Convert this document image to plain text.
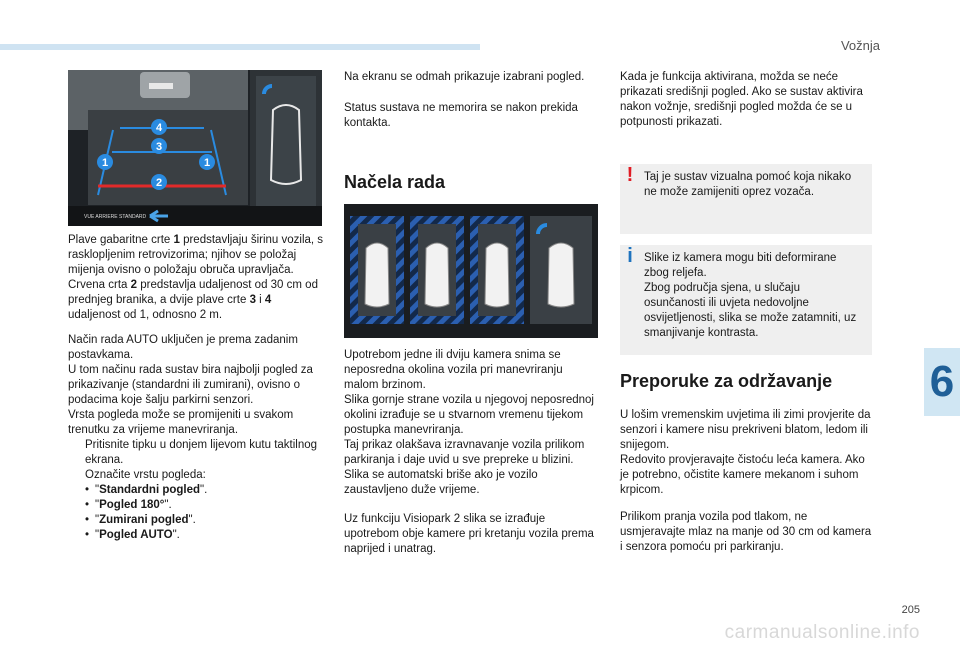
Vožnja
6
VUE ARRIERE STANDARD
1	1
2
3
4

Plave gabaritne crte 1 predstavljaju širinu vozila, s rasklopljenim retrovizorima; njihov se položaj mijenja ovisno o položaju obruča upravljača.
Crvena crta 2 predstavlja udaljenost od 30 cm od prednjeg branika, a dvije plave crte 3 i 4 udaljenost od 1, odnosno 2 m.

Način rada AUTO uključen je prema zadanim postavkama.
U tom načinu rada sustav bira najbolji pogled za prikazivanje (standardni ili zumirani), ovisno o podacima koje šalju parkirni senzori.
Vrsta pogleda može se promijeniti u svakom trenutku za vrijeme manevriranja.
Pritisnite tipku u donjem lijevom kutu taktilnog ekrana.
Označite vrstu pogleda:
• "Standardni pogled".
• "Pogled 180°".
• "Zumirani pogled".
• "Pogled AUTO".

Na ekranu se odmah prikazuje izabrani pogled.

Status sustava ne memorira se nakon prekida kontakta.

Načela rada

Upotrebom jedne ili dviju kamera snima se neposredna okolina vozila pri manevriranju malom brzinom.
Slika gornje strane vozila u njegovoj neposrednoj okolini izrađuje se u stvarnom vremenu tijekom postupka manevriranja.
Taj prikaz olakšava izravnavanje vozila prilikom parkiranja i daje uvid u sve prepreke u blizini. Slika se automatski briše ako je vozilo zaustavljeno duže vrijeme.

Uz funkciju Visiopark 2 slika se izrađuje upotrebom obje kamere pri kretanju vozila prema naprijed i unatrag.

Kada je funkcija aktivirana, možda se neće prikazati središnji pogled. Ako se sustav aktivira nakon vožnje, središnji pogled možda će se u potpunosti prikazati.

! Taj je sustav vizualna pomoć koja nikako ne može zamijeniti oprez vozača.
i Slike iz kamera mogu biti deformirane zbog reljefa.
Zbog područja sjena, u slučaju osunčanosti ili uvjeta nedovoljne osvijetljenosti, slika se može zatamniti, uz smanjivanje kontrasta.
Preporuke za održavanje

U lošim vremenskim uvjetima ili zimi provjerite da senzori i kamere nisu prekriveni blatom, ledom ili snijegom.
Redovito provjeravajte čistoću leća kamera. Ako je potrebno, očistite kamere mekanom i suhom krpicom.

Prilikom pranja vozila pod tlakom, ne usmjeravajte mlaz na manje od 30 cm od kamera i senzora pomoću pri parkiranju.

205
carmanualsonline.info
